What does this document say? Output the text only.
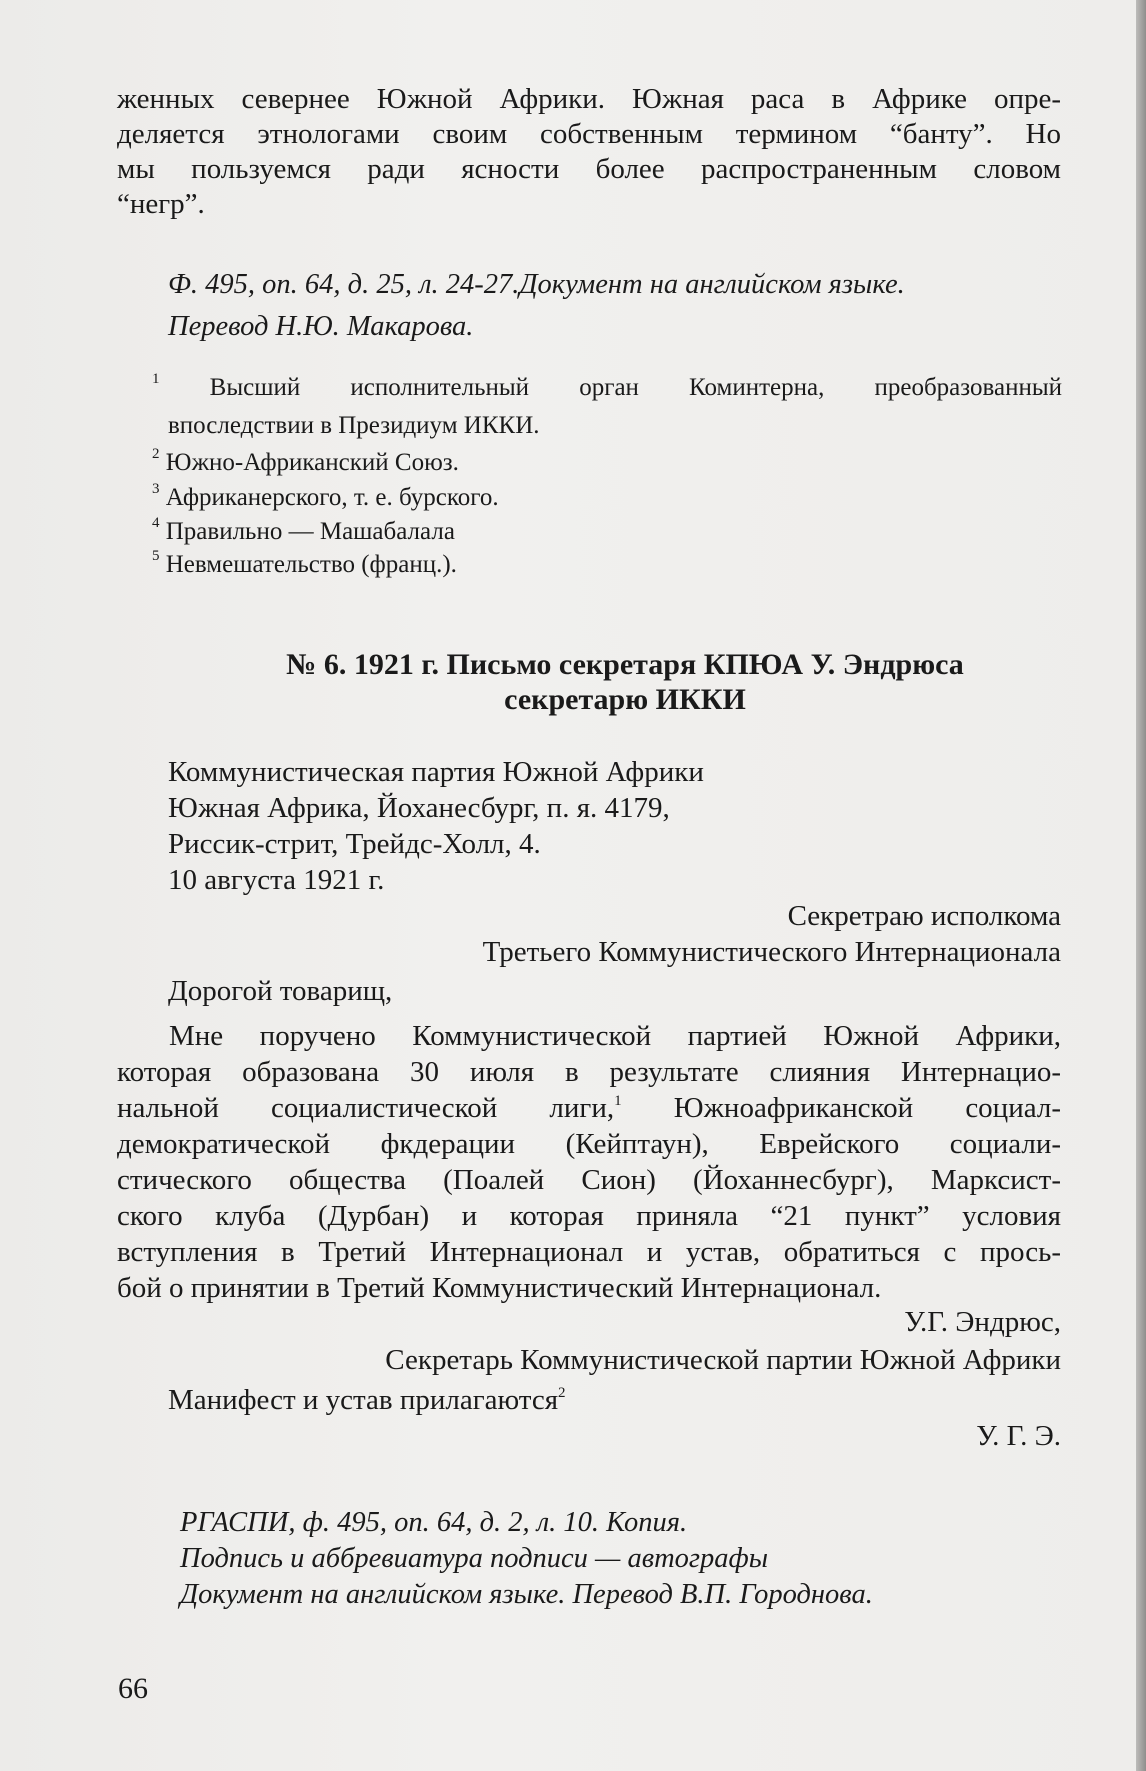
женных севернее Южной Африки. Южная раса в Африке опре-
деляется этнологами своим собственным термином “банту”. Но
мы пользуемся ради ясности более распространенным словом
“негр”.
Ф. 495, оп. 64, д. 25, л. 24-27.Документ на английском языке.
Перевод Н.Ю. Макарова.
$^1$ Высший исполнительный орган Коминтерна, преобразованный
впоследствии в Президиум ИККИ.
$^2$ Южно-Африканский Союз.
$^3$ Африканерского, т. е. бурского.
$^4$ Правильно — Машабалала
$^5$ Невмешательство (франц.).
№ 6. 1921 г. Письмо секретаря КПЮА У. Эндрюса
секретарю ИККИ
Коммунистическая партия Южной Африки
Южная Африка, Йоханесбург, п. я. 4179,
Риссик-стрит, Трейдс-Холл, 4.
10 августа 1921 г.
Секретраю исполкома
Третьего Коммунистического Интернационала
Дорогой товарищ,
Мне поручено Коммунистической партией Южной Африки,
которая образована 30 июля в результате слияния Интернацио-
нальной социалистической лиги,$^1$ Южноафриканской социал-
демократической фкдерации (Кейптаун), Еврейского социали-
стического общества (Поалей Сион) (Йоханнесбург), Марксист-
ского клуба (Дурбан) и которая приняла “21 пункт” условия
вступления в Третий Интернационал и устав, обратиться с прось-
бой о принятии в Третий Коммунистический Интернационал.
У.Г. Эндрюс,
Секретарь Коммунистической партии Южной Африки
Манифест и устав прилагаются$^2$
У. Г. Э.
РГАСПИ, ф. 495, оп. 64, д. 2, л. 10. Копия.
Подпись и аббревиатура подписи — автографы
Документ на английском языке. Перевод В.П. Городнова.
66
